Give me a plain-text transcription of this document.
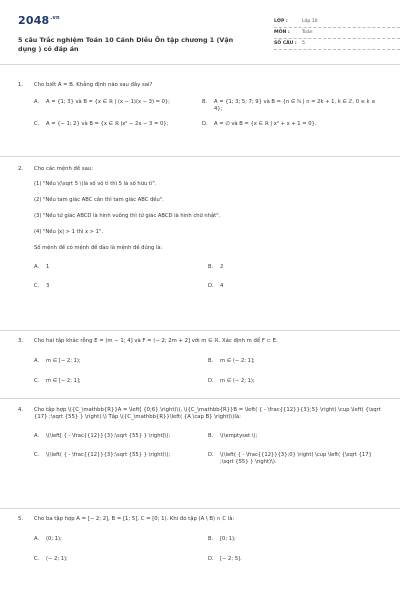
$2048^{.vn}$
5 câu Trắc nghiệm Toán 10 Cánh Diều Ôn tập chương 1 (Vận dụng ) có đáp án
LỚP :	Lớp 10
MÔN :	Toán
SỐ CÂU :	5
1.	Cho biết A = B. Khẳng định nào sau đây sai?
A.	A = {1; 3} và B = {x ∈ ℝ | (x − 1)(x − 3) = 0};	B.	A = {1; 3; 5; 7; 9} và B = {n ∈ ℕ | n = 2k + 1, k ∈ ℤ, 0 ≤ k ≤ 4};
C.	A = {− 1; 2} và B = {x ∈ ℝ |x² − 2x − 3 = 0};	D.	A = ∅ và B = {x ∈ ℝ | x² + x + 1 = 0}.
2.	Cho các mệnh đề sau:
(1) "Nếu \(\sqrt 5 \)là số vô tỉ thì 5 là số hữu tỉ".
(2) "Nếu tam giác ABC cân thì tam giác ABC đều".
(3) "Nếu tứ giác ABCD là hình vuông thì tứ giác ABCD là hình chữ nhật".
(4) "Nếu |x| > 1 thì x > 1".
Số mệnh đề có mệnh đề đảo là mệnh đề đúng là:
A.	1	B.	2
C.	3	D.	4
3.	Cho hai tập khác rỗng E = (m − 1; 4] và F = (− 2; 2m + 2] với m ∈ ℝ. Xác định m để F ⊂ E.
A.	m ∈ [− 2; 1);	B.	m ∈ (− 2; 1];
C.	m ∈ [− 2; 1];	D.	m ∈ (− 2; 1);
4.	Cho tập hợp \({C_\mathbb{R}}A = \left[ {0;6} \right)\), \({C_\mathbb{R}}B = \left( { - \frac{{12}}{3};5} \right) \cup \left( {\sqrt {17} ;\sqrt {55} } \right).\) Tập \({C_\mathbb{R}}\left( {A \cap B} \right)\)là:
A.	\(\left[ { - \frac{{12}}{3};\sqrt {55} } \right]\);	B.	\(\emptyset \);
C.	\(\left( { - \frac{{12}}{3};\sqrt {55} } \right)\);	D.	\(\left( { - \frac{{12}}{3};0} \right) \cup \left( {\sqrt {17} ;\sqrt {55} } \right)\).
5.	Cho ba tập hợp A = [− 2; 2], B = [1; 5], C = [0; 1). Khi đó tập (A \ B) ∩ C là:
A.	(0; 1);	B.	[0; 1);
C.	(− 2; 1);	D.	[− 2; 5].
